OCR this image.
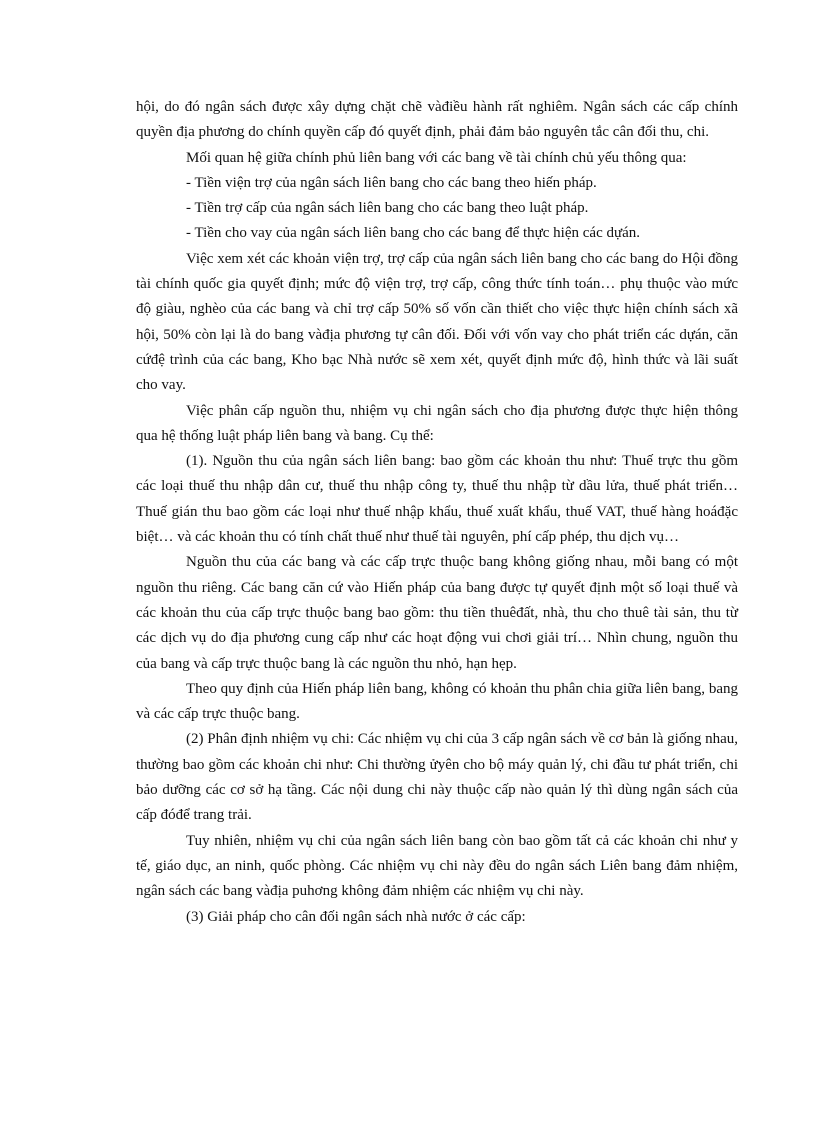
hội, do đó ngân sách được xây dựng chặt chẽ vàđiều hành rất nghiêm. Ngân sách các cấp chính quyền địa phương do chính quyền cấp đó quyết định, phải đảm bảo nguyên tắc cân đối thu, chi.

Mối quan hệ giữa chính phủ liên bang với các bang về tài chính chủ yếu thông qua:

- Tiền viện trợ của ngân sách liên bang cho các bang theo hiến pháp.

- Tiền trợ cấp của ngân sách liên bang cho các bang theo luật pháp.

- Tiền cho vay của ngân sách liên bang cho các bang để thực hiện các dựán.

Việc xem xét các khoản viện trợ, trợ cấp của ngân sách liên bang cho các bang do Hội đồng tài chính quốc gia quyết định; mức độ viện trợ, trợ cấp, công thức tính toán… phụ thuộc vào mức độ giàu, nghèo của các bang và chỉ trợ cấp 50% số vốn cần thiết cho việc thực hiện chính sách xã hội, 50% còn lại là do bang vàđịa phương tự cân đối. Đối với vốn vay cho phát triển các dựán, căn cứđệ trình của các bang, Kho bạc Nhà nước sẽ xem xét, quyết định mức độ, hình thức và lãi suất cho vay.

Việc phân cấp nguồn thu, nhiệm vụ chi ngân sách cho địa phương được thực hiện thông qua hệ thống luật pháp liên bang và bang. Cụ thể:

(1). Nguồn thu của ngân sách liên bang: bao gồm các khoản thu như: Thuế trực thu gồm các loại thuế thu nhập dân cư, thuế thu nhập công ty, thuế thu nhập từ dầu lửa, thuế phát triển…Thuế gián thu bao gồm các loại như thuế nhập khẩu, thuế xuất khẩu, thuế VAT, thuế hàng hoáđặc biệt… và các khoản thu có tính chất thuế như thuế tài nguyên, phí cấp phép, thu dịch vụ…

Nguồn thu của các bang và các cấp trực thuộc bang không giống nhau, mỗi bang có một nguồn thu riêng. Các bang căn cứ vào Hiến pháp của bang được tự quyết định một số loại thuế và các khoản thu của cấp trực thuộc bang bao gồm: thu tiền thuêđất, nhà, thu cho thuê tài sản, thu từ các dịch vụ do địa phương cung cấp như các hoạt động vui chơi giải trí… Nhìn chung, nguồn thu của bang và cấp trực thuộc bang là các nguồn thu nhỏ, hạn hẹp.

Theo quy định của Hiến pháp liên bang, không có khoản thu phân chia giữa liên bang, bang và các cấp trực thuộc bang.

(2) Phân định nhiệm vụ chi: Các nhiệm vụ chi của 3 cấp ngân sách về cơ bản là giống nhau, thường bao gồm các khoản chi như: Chi thường ửyên cho bộ máy quản lý, chi đầu tư phát triển, chi bảo dưỡng các cơ sở hạ tầng. Các nội dung chi này thuộc cấp nào quản lý thì dùng ngân sách của cấp đóđể trang trải.

Tuy nhiên, nhiệm vụ chi của ngân sách liên bang còn bao gồm tất cả các khoản chi như y tế, giáo dục, an ninh, quốc phòng. Các nhiệm vụ chi này đều do ngân sách Liên bang đảm nhiệm, ngân sách các bang vàđịa puhơng không đảm nhiệm các nhiệm vụ chi này.

(3) Giải pháp cho cân đối ngân sách nhà nước ở các cấp:
